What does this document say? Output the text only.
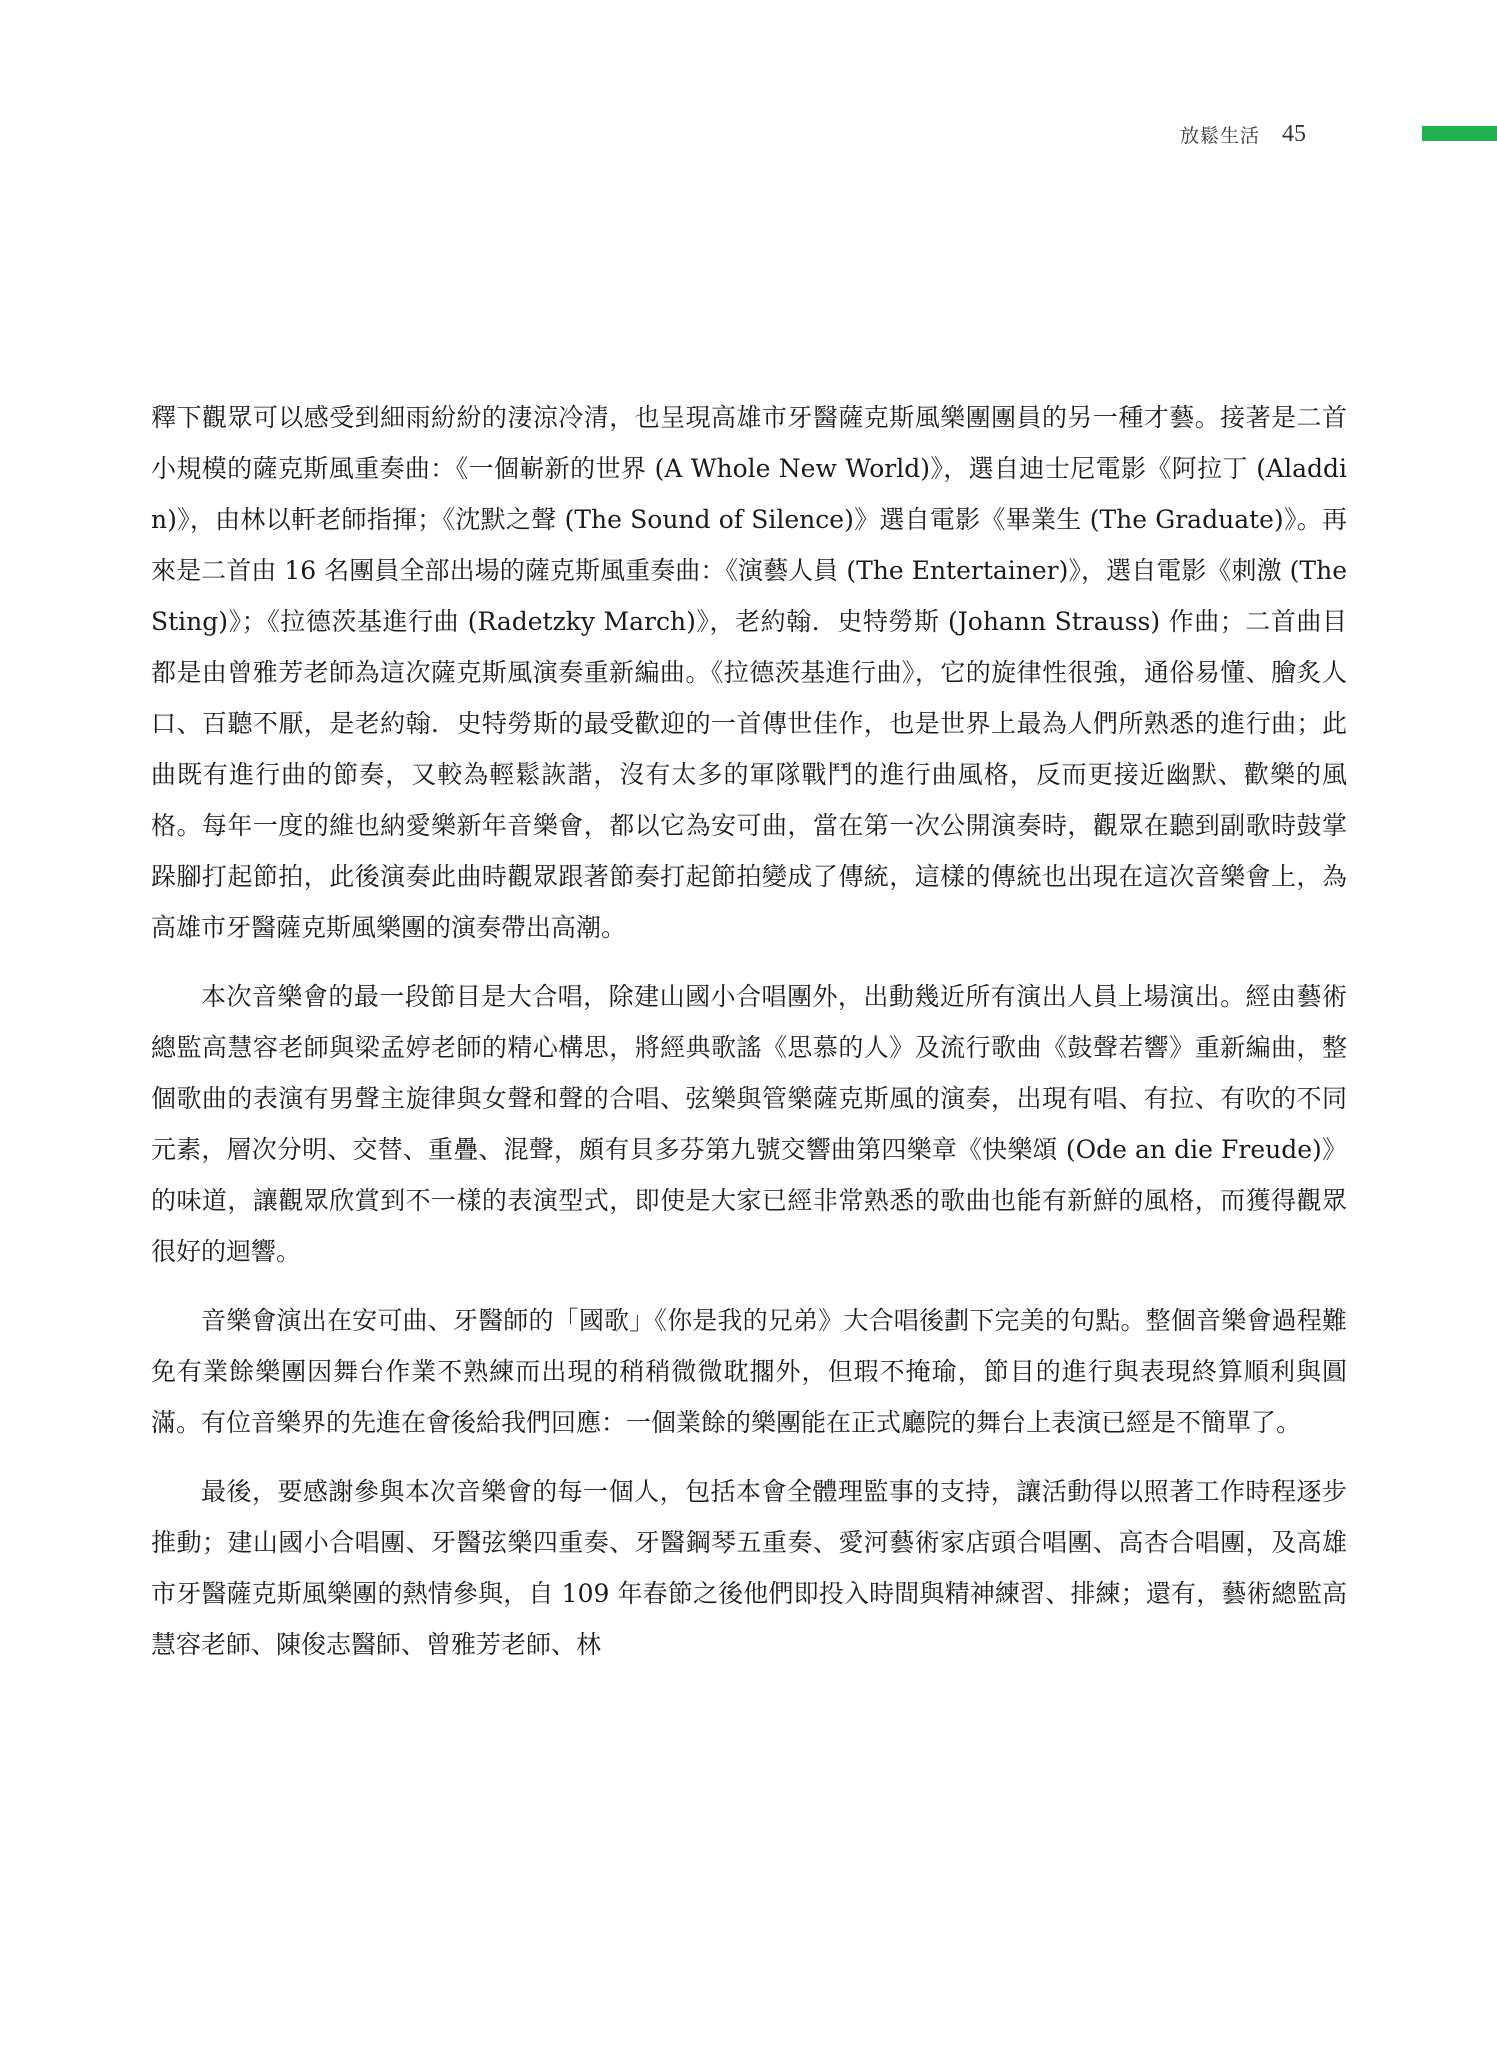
放鬆生活 45

釋下觀眾可以感受到細雨紛紛的淒涼冷清，也呈現高雄市牙醫薩克斯風樂團團員的另一種才藝。接著是二首小規模的薩克斯風重奏曲：《一個嶄新的世界 (A Whole New World)》，選自迪士尼電影《阿拉丁 (Aladdin)》，由林以軒老師指揮；《沈默之聲 (The Sound of Silence)》選自電影《畢業生 (The Graduate)》。再來是二首由 16 名團員全部出場的薩克斯風重奏曲：《演藝人員 (The Entertainer)》，選自電影《刺激 (The Sting)》；《拉德茨基進行曲 (Radetzky March)》，老約翰．史特勞斯 (Johann Strauss) 作曲；二首曲目都是由曾雅芳老師為這次薩克斯風演奏重新編曲。《拉德茨基進行曲》，它的旋律性很強，通俗易懂、膾炙人口、百聽不厭，是老約翰．史特勞斯的最受歡迎的一首傳世佳作，也是世界上最為人們所熟悉的進行曲；此曲既有進行曲的節奏，又較為輕鬆詼諧，沒有太多的軍隊戰鬥的進行曲風格，反而更接近幽默、歡樂的風格。每年一度的維也納愛樂新年音樂會，都以它為安可曲，當在第一次公開演奏時，觀眾在聽到副歌時鼓掌跺腳打起節拍，此後演奏此曲時觀眾跟著節奏打起節拍變成了傳統，這樣的傳統也出現在這次音樂會上，為高雄市牙醫薩克斯風樂團的演奏帶出高潮。

本次音樂會的最一段節目是大合唱，除建山國小合唱團外，出動幾近所有演出人員上場演出。經由藝術總監高慧容老師與梁孟婷老師的精心構思，將經典歌謠《思慕的人》及流行歌曲《鼓聲若響》重新編曲，整個歌曲的表演有男聲主旋律與女聲和聲的合唱、弦樂與管樂薩克斯風的演奏，出現有唱、有拉、有吹的不同元素，層次分明、交替、重疊、混聲，頗有貝多芬第九號交響曲第四樂章《快樂頌 (Ode an die Freude)》的味道，讓觀眾欣賞到不一樣的表演型式，即使是大家已經非常熟悉的歌曲也能有新鮮的風格，而獲得觀眾很好的迴響。

音樂會演出在安可曲、牙醫師的「國歌」《你是我的兄弟》大合唱後劃下完美的句點。整個音樂會過程難免有業餘樂團因舞台作業不熟練而出現的稍稍微微耽擱外，但瑕不掩瑜，節目的進行與表現終算順利與圓滿。有位音樂界的先進在會後給我們回應：一個業餘的樂團能在正式廳院的舞台上表演已經是不簡單了。

最後，要感謝參與本次音樂會的每一個人，包括本會全體理監事的支持，讓活動得以照著工作時程逐步推動；建山國小合唱團、牙醫弦樂四重奏、牙醫鋼琴五重奏、愛河藝術家店頭合唱團、高杏合唱團，及高雄市牙醫薩克斯風樂團的熱情參與，自 109 年春節之後他們即投入時間與精神練習、排練；還有，藝術總監高慧容老師、陳俊志醫師、曾雅芳老師、林
